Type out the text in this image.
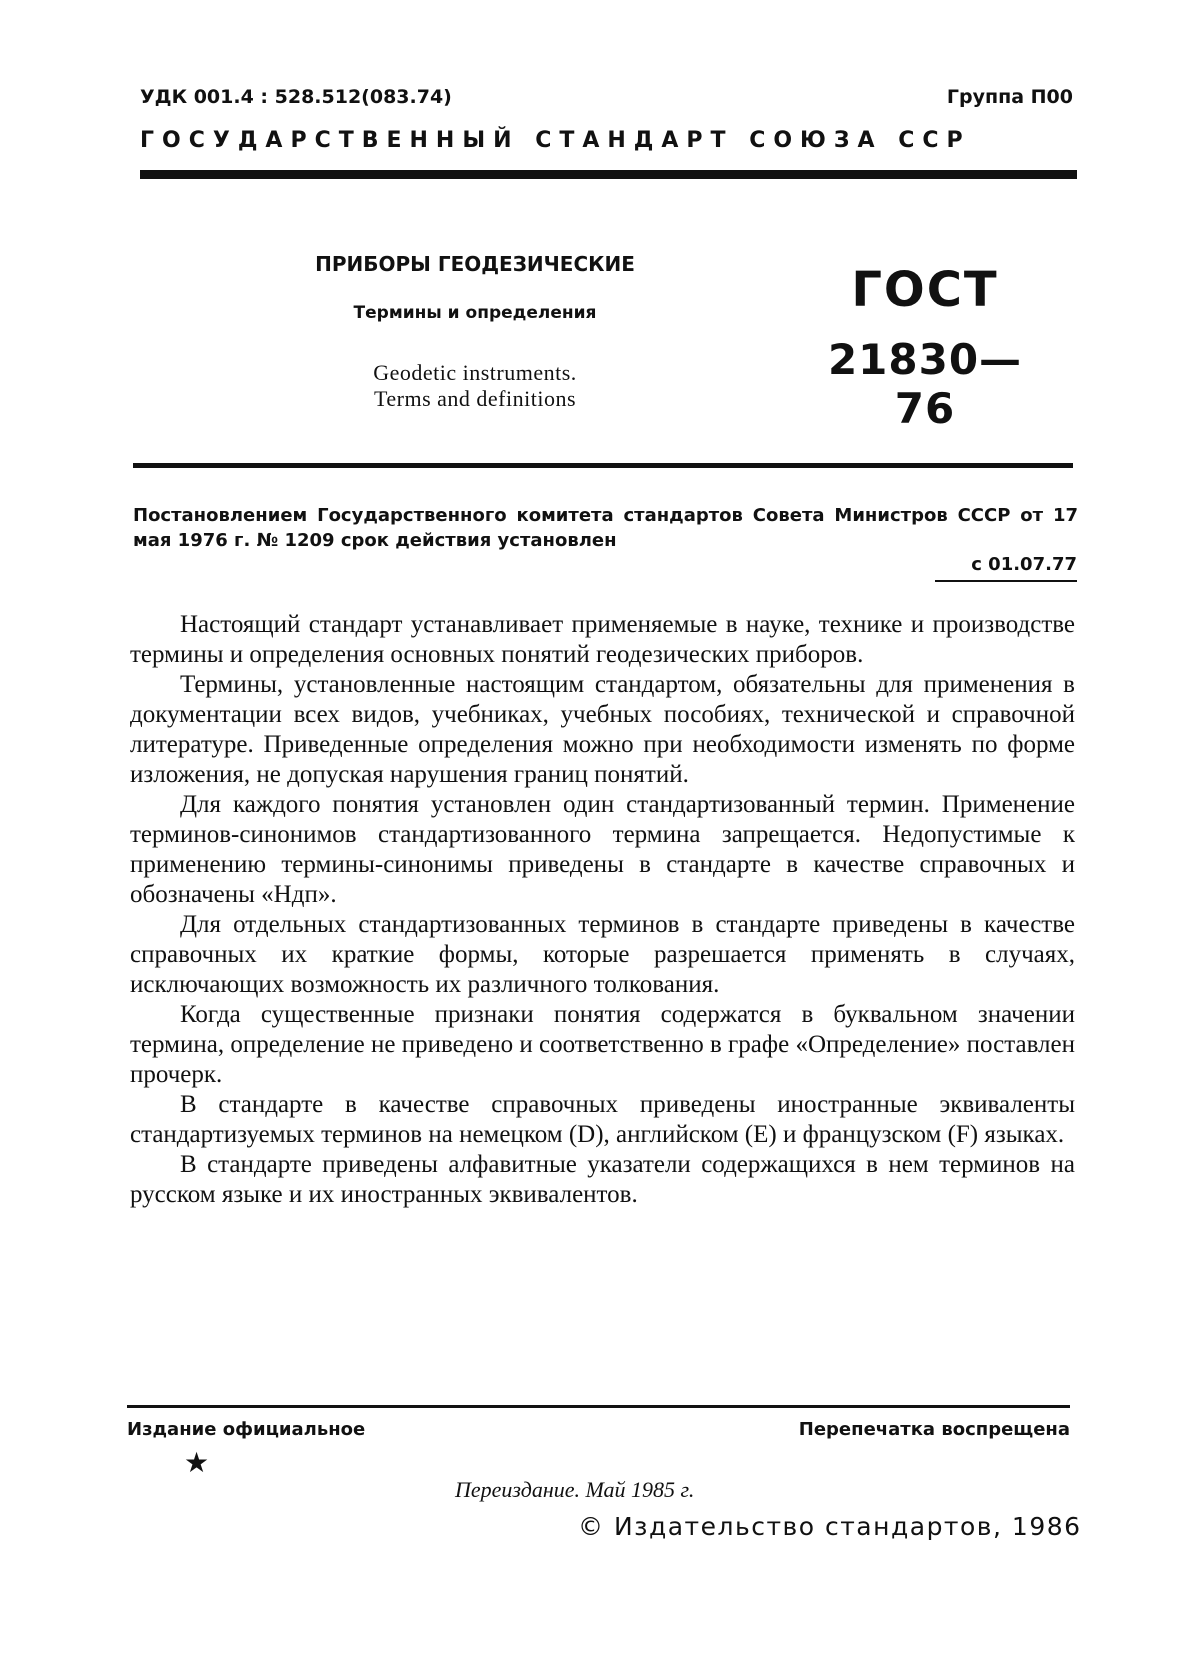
УДК 001.4 : 528.512(083.74)	Группа П00
ГОСУДАРСТВЕННЫЙ СТАНДАРТ СОЮЗА ССР
ПРИБОРЫ ГЕОДЕЗИЧЕСКИЕ
Термины и определения
Geodetic instruments.
Terms and definitions
ГОСТ
21830—76
Постановлением Государственного комитета стандартов Совета Министров СССР от 17 мая 1976 г. № 1209 срок действия установлен
с 01.07.77

Настоящий стандарт устанавливает применяемые в науке, технике и производстве термины и определения основных понятий геодезических приборов.

Термины, установленные настоящим стандартом, обязательны для применения в документации всех видов, учебниках, учебных пособиях, технической и справочной литературе. Приведенные определения можно при необходимости изменять по форме изложения, не допуская нарушения границ понятий.

Для каждого понятия установлен один стандартизованный термин. Применение терминов-синонимов стандартизованного термина запрещается. Недопустимые к применению термины-синонимы приведены в стандарте в качестве справочных и обозначены «Ндп».

Для отдельных стандартизованных терминов в стандарте приведены в качестве справочных их краткие формы, которые разрешается применять в случаях, исключающих возможность их различного толкования.

Когда существенные признаки понятия содержатся в буквальном значении термина, определение не приведено и соответственно в графе «Определение» поставлен прочерк.

В стандарте в качестве справочных приведены иностранные эквиваленты стандартизуемых терминов на немецком (D), английском (E) и французском (F) языках.

В стандарте приведены алфавитные указатели содержащихся в нем терминов на русском языке и их иностранных эквивалентов.

Издание официальное	Перепечатка воспрещена
★
Переиздание. Май 1985 г.
© Издательство стандартов, 1986
